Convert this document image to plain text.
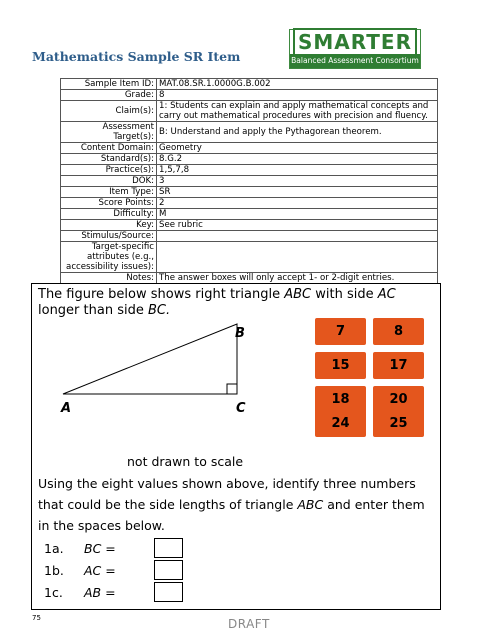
Mathematics Sample SR Item
SMARTER
Balanced Assessment Consortium
Sample Item ID:	MAT.08.SR.1.0000G.B.002
Grade:	8
Claim(s):	1: Students can explain and apply mathematical concepts and carry out mathematical procedures with precision and fluency.
Assessment Target(s):	B: Understand and apply the Pythagorean theorem.
Content Domain:	Geometry
Standard(s):	8.G.2
Practice(s):	1,5,7,8
DOK:	3
Item Type:	SR
Score Points:	2
Difficulty:	M
Key:	See rubric
Stimulus/Source:	
Target-specific attributes (e.g., accessibility issues):	
Notes:	The answer boxes will only accept 1- or 2-digit entries.
The figure below shows right triangle ABC with side AC longer than side BC.
A
B
C
7	8
15	17
18	20
24	25
not drawn to scale
Using the eight values shown above, identify three numbers that could be the side lengths of triangle ABC and enter them in the spaces below.
1a. BC =
1b. AC =
1c. AB =
75	DRAFT
